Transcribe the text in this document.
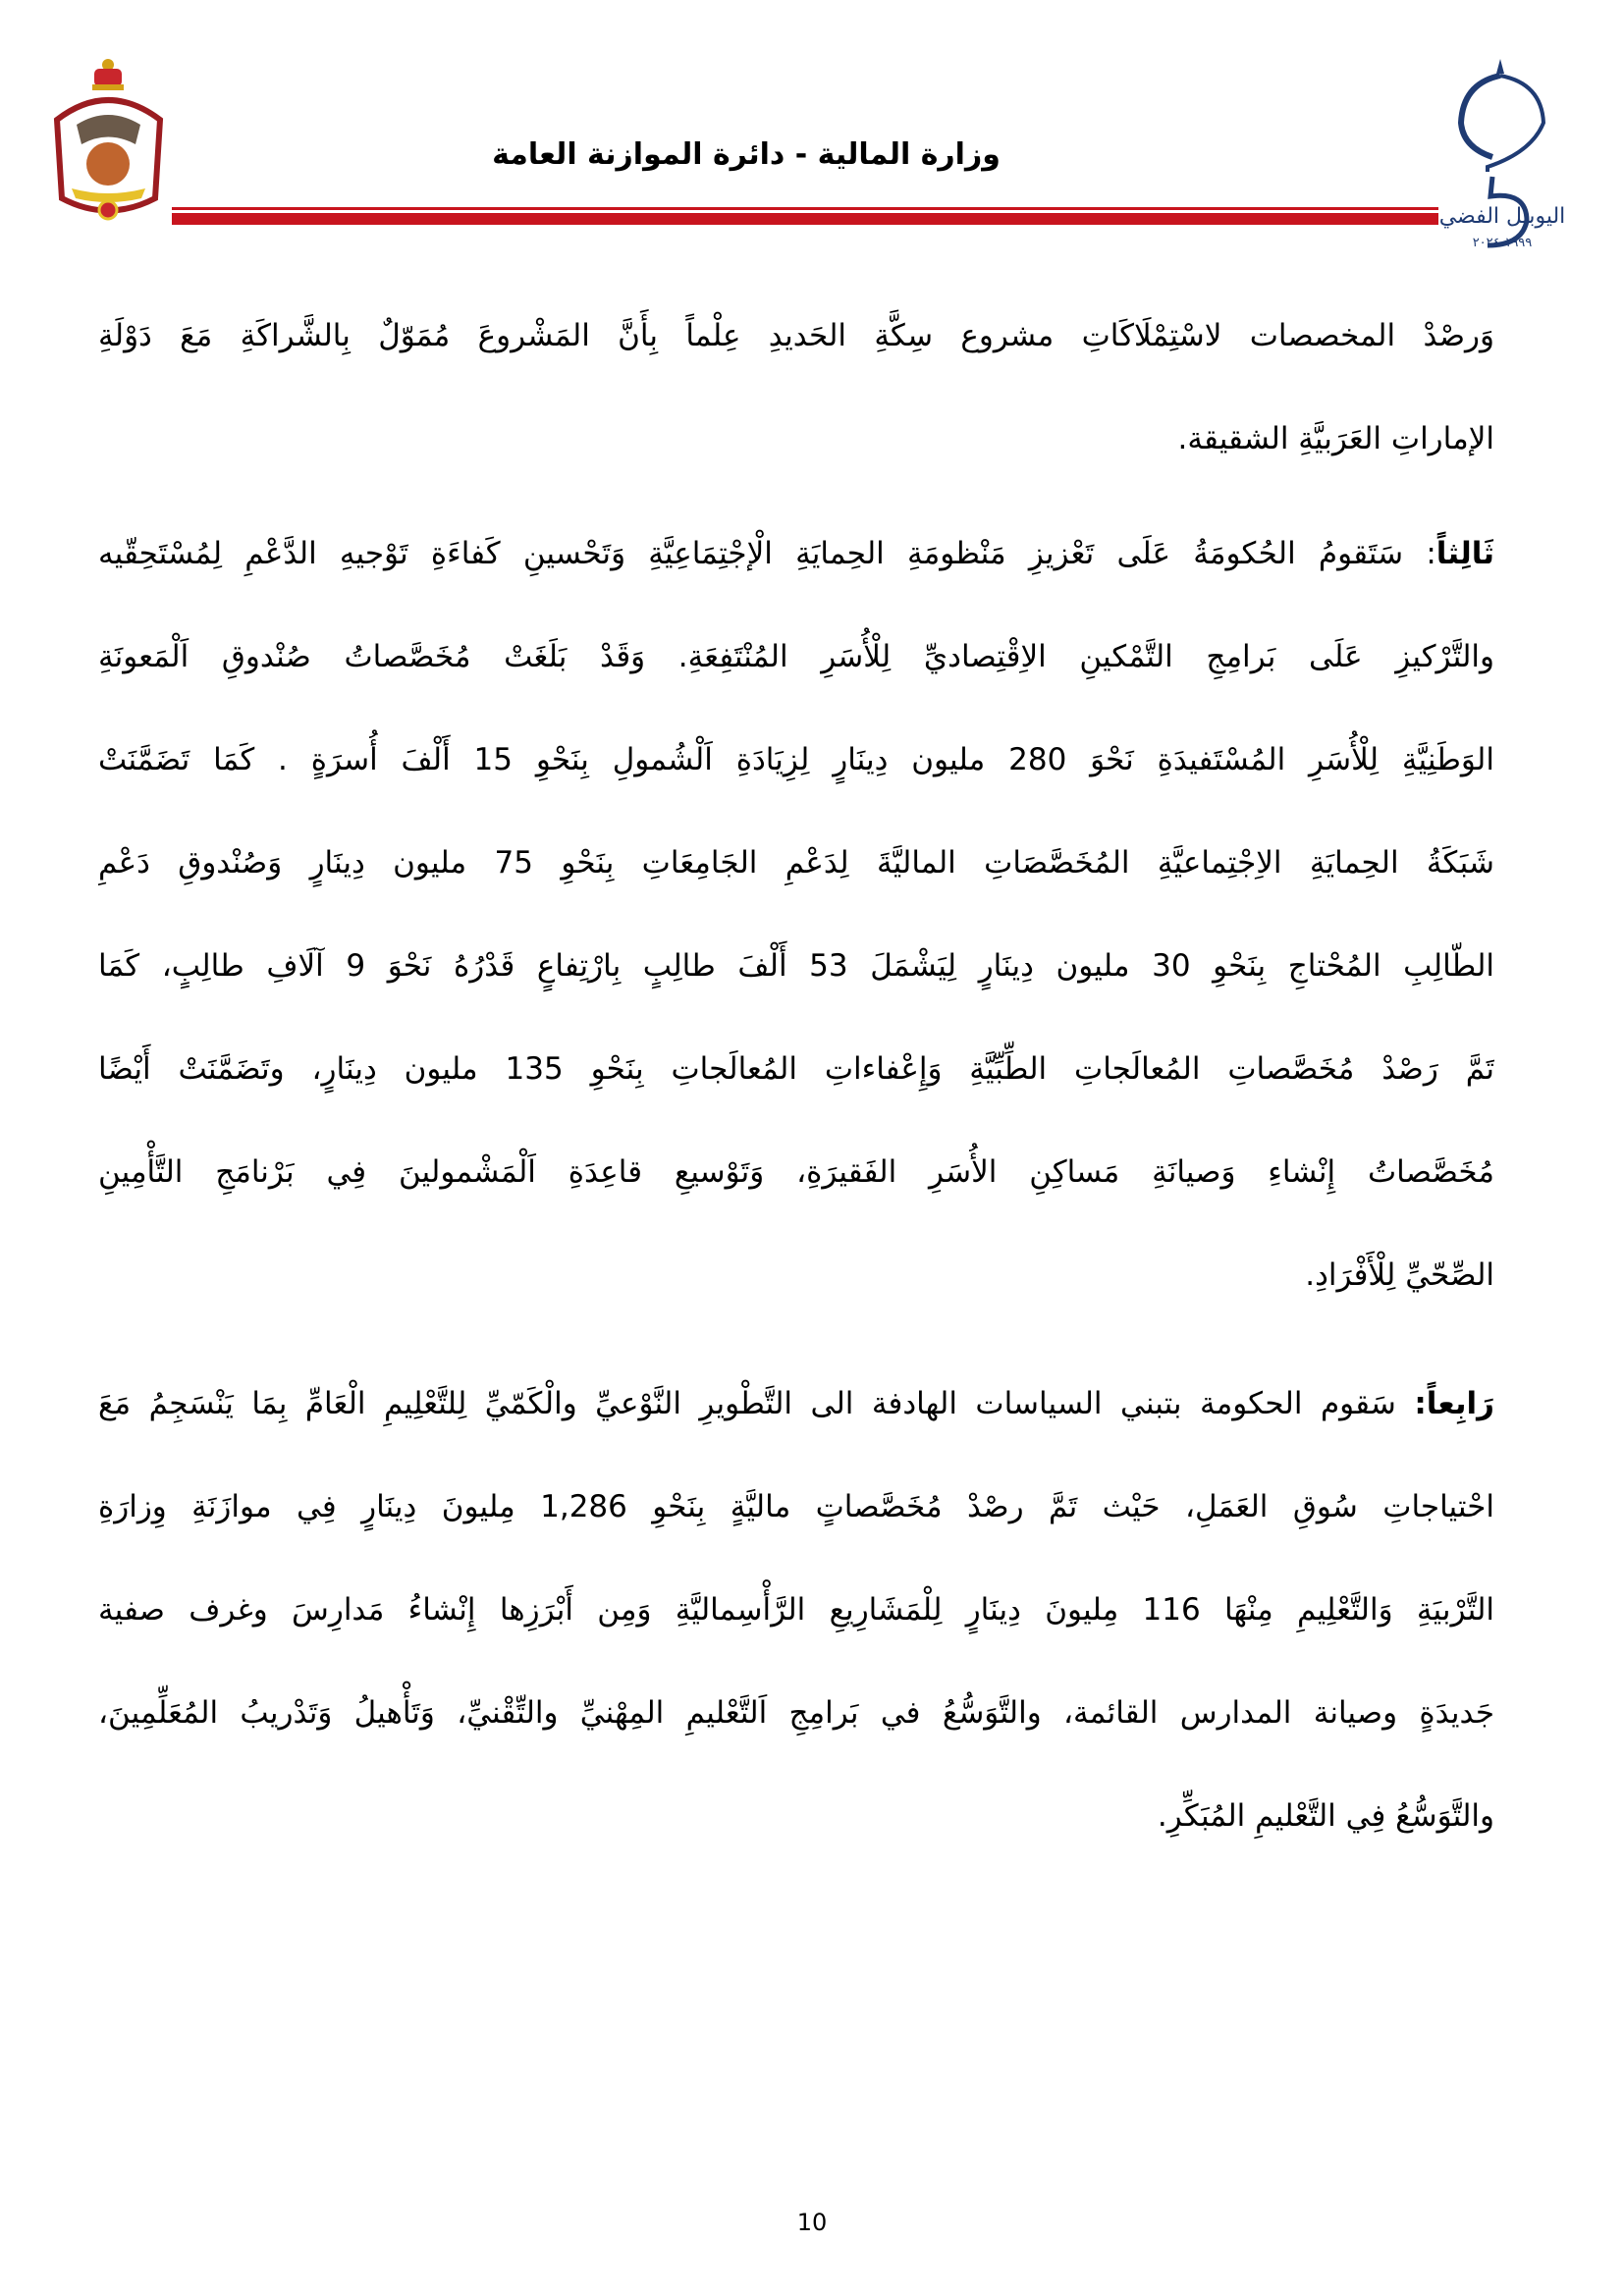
اليوبيل الفضي
١٩٩٩-٢٠٢٤
وزارة المالية - دائرة الموازنة العامة
وَرصْدْ المخصصات لاسْتِمْلَاكَاتِ مشروع سِكَّةِ الحَديدِ عِلْماً بِأَنَّ المَشْروعَ مُمَوّلٌ بِالشَّراكَةِ مَعَ دَوْلَةِ
الإماراتِ العَرَبيَّةِ الشقيقة.
ثَالِثاً: سَتَقومُ الحُكومَةُ عَلَى تَعْزيزِ مَنْظومَةِ الحِمايَةِ الْإجْتِمَاعِيَّةِ وَتَحْسينِ كَفاءَةِ تَوْجيهِ الدَّعْمِ لِمُسْتَحِقّيه
والتَّرْكيزِ عَلَى بَرامِجِ التَّمْكينِ الاِقْتِصاديِّ لِلْأُسَرِ المُنْتَفِعَةِ. وَقَدْ بَلَغَتْ مُخَصَّصاتُ صُنْدوقِ اَلْمَعونَةِ
الوَطَنِيَّةِ لِلْأُسَرِ المُسْتَفيدَةِ نَحْوَ 280 مليون دِينَارٍ لِزِيَادَةِ اَلْشُمولِ بِنَحْوِ 15 أَلْفَ أُسرَةٍ . كَمَا تَضَمَّنَتْ
شَبَكَةُ الحِمايَةِ الاِجْتِماعيَّةِ المُخَصَّصَاتِ الماليَّةَ لِدَعْمِ الجَامِعَاتِ بِنَحْوِ 75 مليون دِينَارٍ وَصُنْدوقِ دَعْمِ
الطّالِبِ المُحْتاجِ بِنَحْوِ 30 مليون دِينَارٍ لِيَشْمَلَ 53 أَلْفَ طالِبٍ بِارْتِفاعٍ قَدْرُهُ نَحْوَ 9 آلَافِ طالِبٍ، كَمَا
تَمَّ رَصْدْ مُخَصَّصاتِ المُعالَجاتِ الطِّبِّيَّةِ وَإِعْفاءاتِ المُعالَجاتِ بِنَحْوِ 135 مليون دِينَارٍ، وتَضَمَّنَتْ أَيْضًا
مُخَصَّصاتُ إِنْشاءِ وَصيانَةِ مَساكِنِ الأُسَرِ الفَقيرَةِ، وَتَوْسيعِ قاعِدَةِ اَلْمَشْمولينَ فِي بَرْنامَجِ التَّأْمِينِ
الصِّحّيِّ لِلْأَفْرَادِ.
رَابِعاً: سَقوم الحكومة بتبني السياسات الهادفة الى التَّطْويرِ النَّوْعيِّ والْكَمّيِّ لِلتَّعْلِيمِ الْعَامِّ بِمَا يَنْسَجِمُ مَعَ
احْتياجاتِ سُوقِ العَمَلِ، حَيْث تَمَّ رصْدْ مُخَصَّصاتٍ ماليَّةٍ بِنَحْوِ 1,286 مِليونَ دِينَارٍ فِي موازَنَةِ وِزارَةِ
التَّرْبيَةِ وَالتَّعْلِيمِ مِنْهَا 116 مِليونَ دِينَارٍ لِلْمَشَارِيعِ الرَّأْسِماليَّةِ وَمِن أَبْرَزِها إِنْشاءُ مَدارِسَ وغرف صفية
جَديدَةٍ وصيانة المدارس القائمة، والتَّوَسُّعُ في بَرامِجِ اَلتَّعْليمِ المِهْنيِّ والتِّقْنيِّ، وَتَأْهيلُ وَتَدْريبُ المُعَلِّمِينَ،
والتَّوَسُّعُ فِي التَّعْليمِ المُبَكِّرِ.
10
